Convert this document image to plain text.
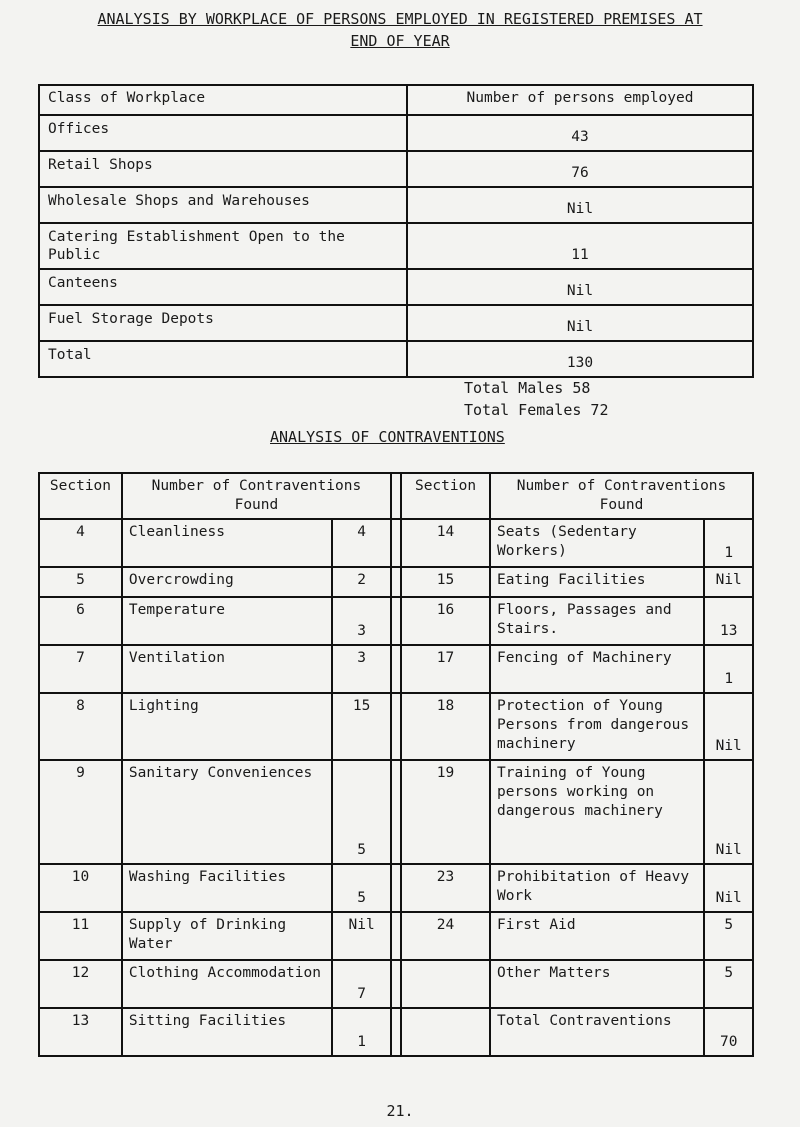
ANALYSIS BY WORKPLACE OF PERSONS EMPLOYED IN REGISTERED PREMISES AT
END OF YEAR
Class of Workplace	Number of persons employed
Offices	43
Retail Shops	76
Wholesale Shops and Warehouses	Nil
Catering Establishment Open to the Public	11
Canteens	Nil
Fuel Storage Depots	Nil
Total	130
Total Males 58
Total Females 72
ANALYSIS OF CONTRAVENTIONS
Section	Number of Contraventions Found			Section	Number of Contraventions Found	
4	Cleanliness	4		14	Seats (Sedentary Workers)	1
5	Overcrowding	2		15	Eating Facilities	Nil
6	Temperature	3		16	Floors, Passages and Stairs.	13
7	Ventilation	3		17	Fencing of Machinery	1
8	Lighting	15		18	Protection of Young Persons from dangerous machinery	Nil
9	Sanitary Conveniences	5		19	Training of Young persons working on dangerous machinery	Nil
10	Washing Facilities	5		23	Prohibitation of Heavy Work	Nil
11	Supply of Drinking Water	Nil		24	First Aid	5
12	Clothing Accommodation	7			Other Matters	5
13	Sitting Facilities	1			Total Contraventions	70
21.
